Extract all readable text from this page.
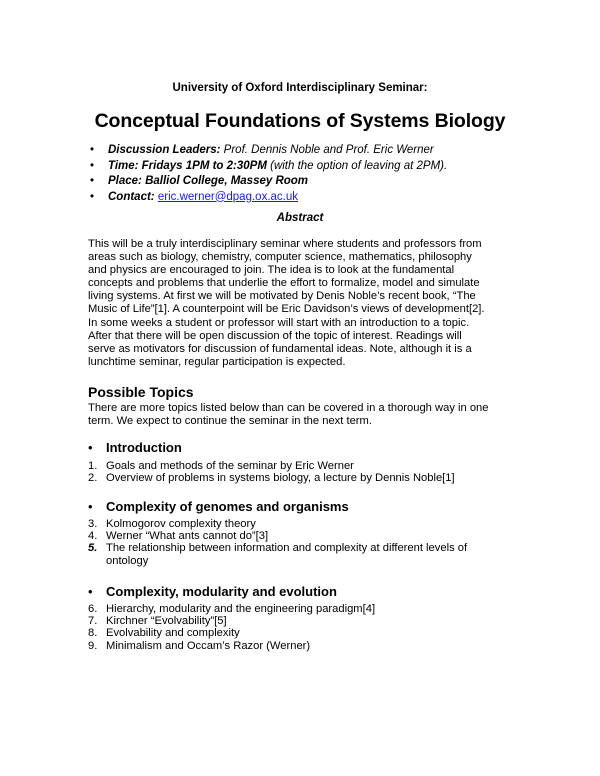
University of Oxford Interdisciplinary Seminar:
Conceptual Foundations of Systems Biology
• Discussion Leaders: Prof. Dennis Noble and Prof. Eric Werner
• Time: Fridays 1PM to 2:30PM (with the option of leaving at 2PM).
• Place: Balliol College, Massey Room
• Contact: eric.werner@dpag.ox.ac.uk
Abstract
This will be a truly interdisciplinary seminar where students and professors from
areas such as biology, chemistry, computer science, mathematics, philosophy
and physics are encouraged to join. The idea is to look at the fundamental
concepts and problems that underlie the effort to formalize, model and simulate
living systems. At first we will be motivated by Denis Noble’s recent book, “The
Music of Life”[1]. A counterpoint will be Eric Davidson’s views of development[2].
In some weeks a student or professor will start with an introduction to a topic.
After that there will be open discussion of the topic of interest. Readings will
serve as motivators for discussion of fundamental ideas. Note, although it is a
lunchtime seminar, regular participation is expected.
Possible Topics
There are more topics listed below than can be covered in a thorough way in one
term. We expect to continue the seminar in the next term.
• Introduction
1. Goals and methods of the seminar by Eric Werner
2. Overview of problems in systems biology, a lecture by Dennis Noble[1]
• Complexity of genomes and organisms
3. Kolmogorov complexity theory
4. Werner “What ants cannot do”[3]
5. The relationship between information and complexity at different levels of
ontology
• Complexity, modularity and evolution
6. Hierarchy, modularity and the engineering paradigm[4]
7. Kirchner “Evolvability”[5]
8. Evolvability and complexity
9. Minimalism and Occam’s Razor (Werner)
